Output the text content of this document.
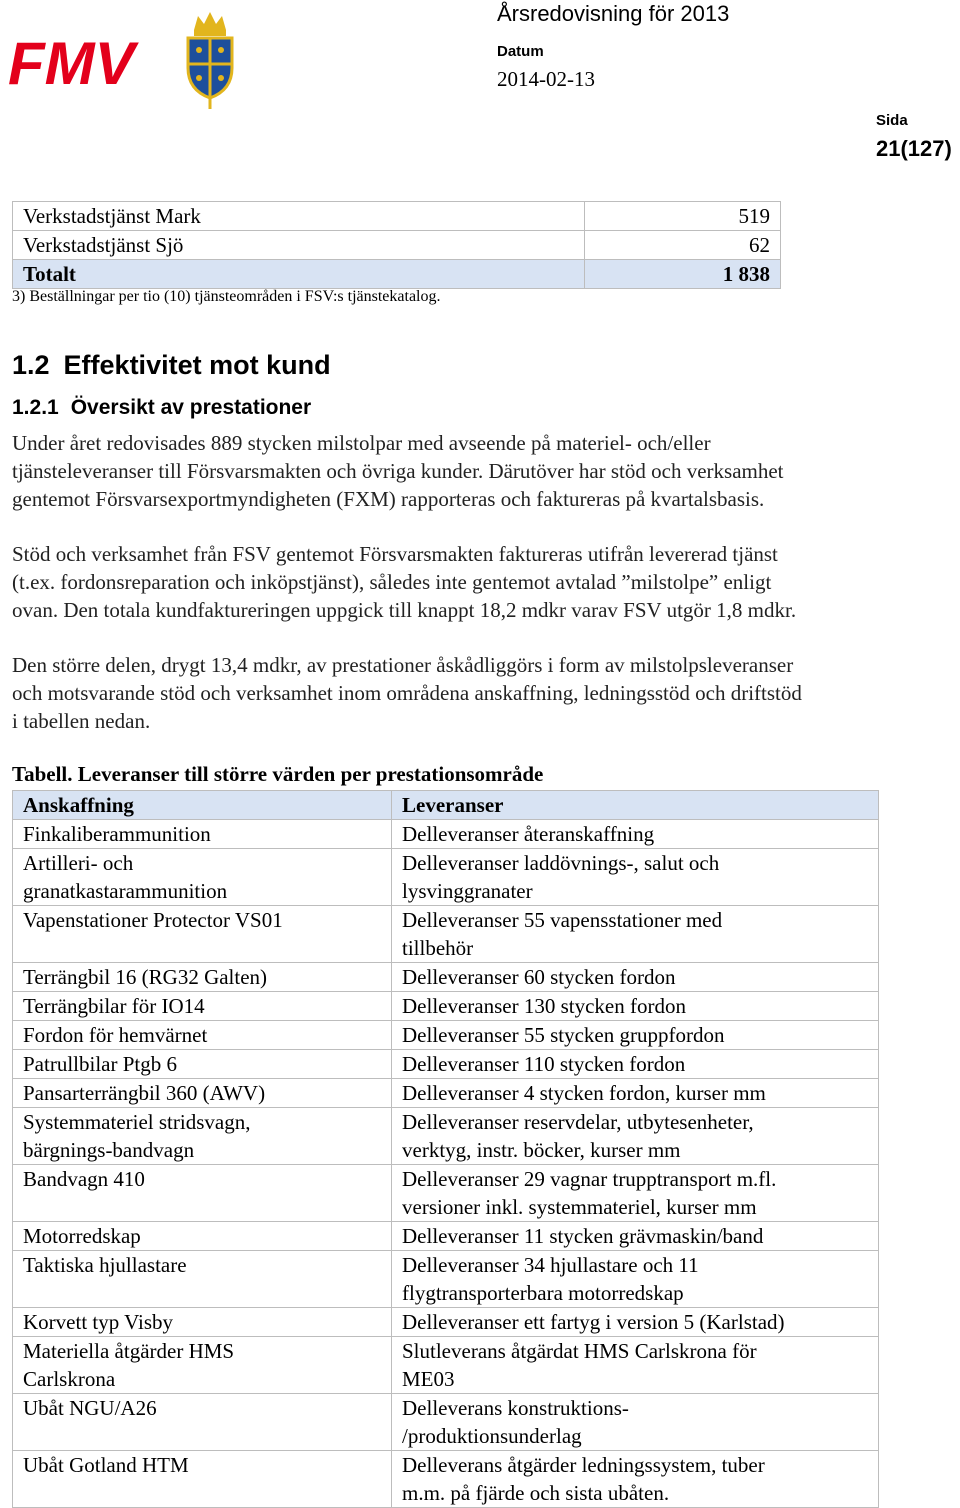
FMV
Årsredovisning för 2013
Datum
2014-02-13
Sida
21(127)
Verkstadstjänst Mark	519
Verkstadstjänst Sjö	62
Totalt	1 838
3) Beställningar per tio (10) tjänsteområden i FSV:s tjänstekatalog.
1.2 Effektivitet mot kund
1.2.1 Översikt av prestationer
Under året redovisades 889 stycken milstolpar med avseende på materiel- och/eller
tjänsteleveranser till Försvarsmakten och övriga kunder. Därutöver har stöd och verksamhet
gentemot Försvarsexportmyndigheten (FXM) rapporteras och faktureras på kvartalsbasis.
Stöd och verksamhet från FSV gentemot Försvarsmakten faktureras utifrån levererad tjänst
(t.ex. fordonsreparation och inköpstjänst), således inte gentemot avtalad ”milstolpe” enligt
ovan. Den totala kundfaktureringen uppgick till knappt 18,2 mdkr varav FSV utgör 1,8 mdkr.
Den större delen, drygt 13,4 mdkr, av prestationer åskådliggörs i form av milstolpsleveranser
och motsvarande stöd och verksamhet inom områdena anskaffning, ledningsstöd och driftstöd
i tabellen nedan.
Tabell. Leveranser till större värden per prestationsområde
Anskaffning	Leveranser

Finkaliberammunition	Delleveranser återanskaffning

Artilleri- och
granatkastarammunition	Delleveranser laddövnings-, salut och
lysvinggranater

Vapenstationer Protector VS01	Delleveranser 55 vapensstationer med
tillbehör

Terrängbil 16 (RG32 Galten)	Delleveranser 60 stycken fordon

Terrängbilar för IO14	Delleveranser 130 stycken fordon

Fordon för hemvärnet	Delleveranser 55 stycken gruppfordon

Patrullbilar Ptgb 6	Delleveranser 110 stycken fordon

Pansarterrängbil 360 (AWV)	Delleveranser 4 stycken fordon, kurser mm

Systemmateriel stridsvagn,
bärgnings-bandvagn	Delleveranser reservdelar, utbytesenheter,
verktyg, instr. böcker, kurser mm

Bandvagn 410	Delleveranser 29 vagnar trupptransport m.fl.
versioner inkl. systemmateriel, kurser mm

Motorredskap	Delleveranser 11 stycken grävmaskin/band

Taktiska hjullastare	Delleveranser 34 hjullastare och 11
flygtransporterbara motorredskap

Korvett typ Visby	Delleveranser ett fartyg i version 5 (Karlstad)

Materiella åtgärder HMS
Carlskrona	Slutleverans åtgärdat HMS Carlskrona för
ME03

Ubåt NGU/A26	Delleverans konstruktions-
/produktionsunderlag

Ubåt Gotland HTM	Delleverans åtgärder ledningssystem, tuber
m.m. på fjärde och sista ubåten.
